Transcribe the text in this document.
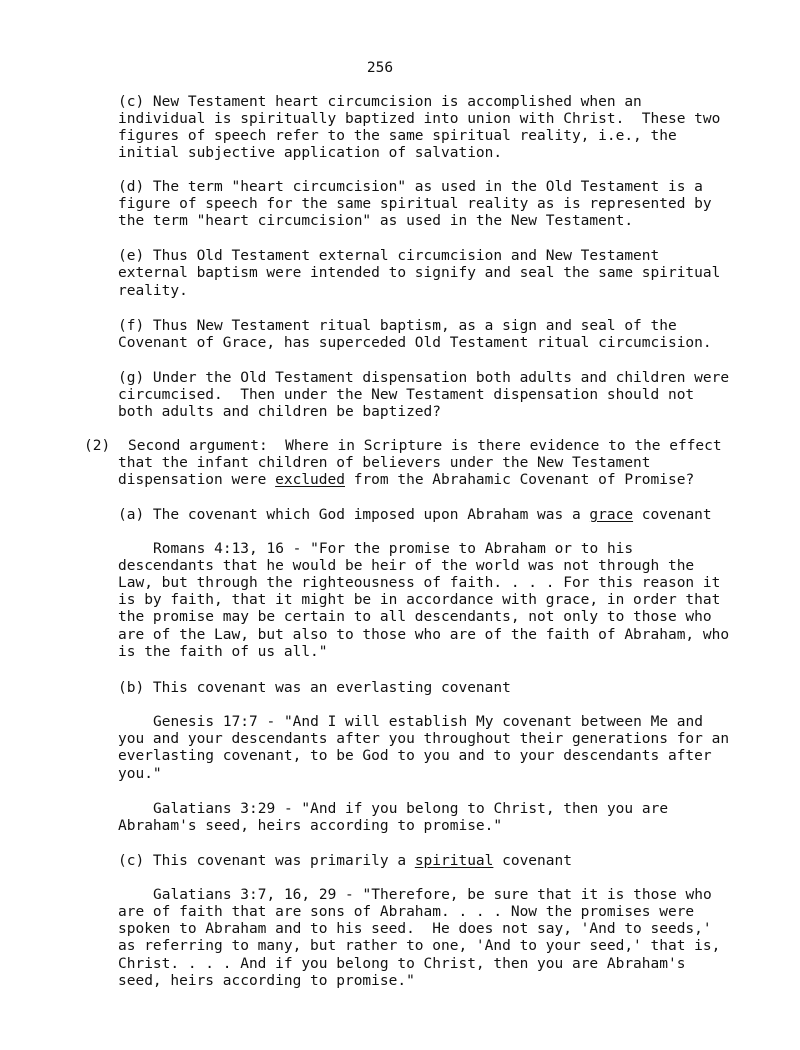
256
(c) New Testament heart circumcision is accomplished when an
individual is spiritually baptized into union with Christ.  These two
figures of speech refer to the same spiritual reality, i.e., the
initial subjective application of salvation.
(d) The term "heart circumcision" as used in the Old Testament is a
figure of speech for the same spiritual reality as is represented by
the term "heart circumcision" as used in the New Testament.
(e) Thus Old Testament external circumcision and New Testament
external baptism were intended to signify and seal the same spiritual
reality.
(f) Thus New Testament ritual baptism, as a sign and seal of the
Covenant of Grace, has superceded Old Testament ritual circumcision.
(g) Under the Old Testament dispensation both adults and children were
circumcised.  Then under the New Testament dispensation should not
both adults and children be baptized?
(2) Second argument:  Where in Scripture is there evidence to the effect
that the infant children of believers under the New Testament
dispensation were excluded from the Abrahamic Covenant of Promise?
(a) The covenant which God imposed upon Abraham was a grace covenant
Romans 4:13, 16 - "For the promise to Abraham or to his
descendants that he would be heir of the world was not through the
Law, but through the righteousness of faith. . . . For this reason it
is by faith, that it might be in accordance with grace, in order that
the promise may be certain to all descendants, not only to those who
are of the Law, but also to those who are of the faith of Abraham, who
is the faith of us all."
(b) This covenant was an everlasting covenant
Genesis 17:7 - "And I will establish My covenant between Me and
you and your descendants after you throughout their generations for an
everlasting covenant, to be God to you and to your descendants after
you."
Galatians 3:29 - "And if you belong to Christ, then you are
Abraham's seed, heirs according to promise."
(c) This covenant was primarily a spiritual covenant
Galatians 3:7, 16, 29 - "Therefore, be sure that it is those who
are of faith that are sons of Abraham. . . . Now the promises were
spoken to Abraham and to his seed.  He does not say, 'And to seeds,'
as referring to many, but rather to one, 'And to your seed,' that is,
Christ. . . . And if you belong to Christ, then you are Abraham's
seed, heirs according to promise."
